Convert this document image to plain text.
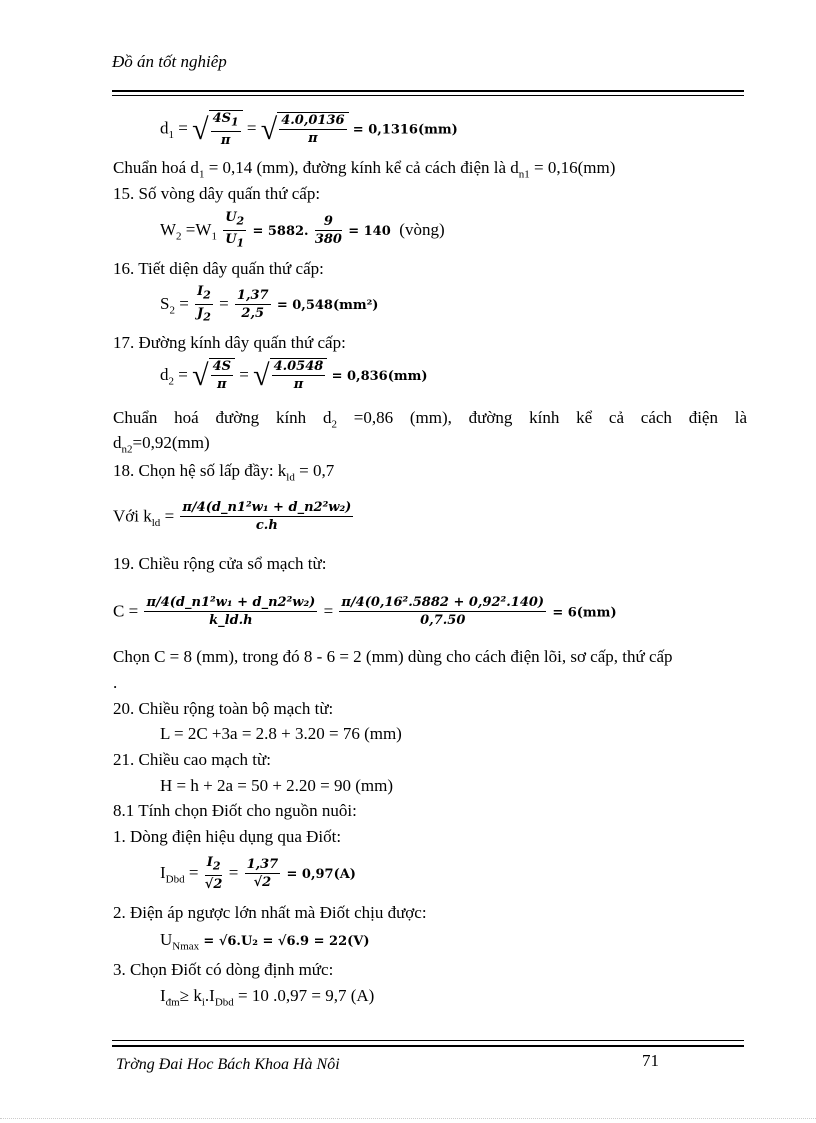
Đồ án tốt nghiêp
$d_1$ = √ $\frac{4S_1}{\pi}$ = √ $\frac{4.0,0136}{\pi} = 0,1316(mm)$
Chuẩn hoá $d_1 = 0,14$ (mm), đường kính kể cả cách điện là $d_{n1} = 0,16(mm)$
15. Số vòng dây quấn thứ cấp:
$W_2 =W_1 \frac{U_2}{U_1} = 5882$. $\frac{9}{380} = 140$ (vòng)
16. Tiết diện dây quấn thứ cấp:
$S_2 = \frac{I_2}{J_2} = \frac{1,37}{2,5} = 0,548(mm^2)$
17. Đường kính dây quấn thứ cấp:
$d_2$ = √ $\frac{4S}{\pi}$ = √ $\frac{4.0548}{\pi} = 0,836(mm)$
Chuẩn hoá đường kính $d_2 =0,86$ (mm), đường kính kể cả cách điện là
$d_{n2}=0,92(mm)$
18. Chọn hệ số lấp đầy: $k_{ld} = 0,7$
Với $k_{ld} = \frac{\text{π/4(d\_n1²w₁ + d\_n2²w₂)}}{c.h}$
19. Chiều rộng cửa sổ mạch từ:
$C = \frac{\text{π/4(d\_n1²w₁ + d\_n2²w₂)}}{k\_ld.h} = \frac{\text{π/4(0,16².5882 + 0,92².140)}}{0,7.50} = 6(mm)$
Chọn C = 8 (mm), trong đó 8 - 6 = 2 (mm) dùng cho cách điện lõi, sơ cấp, thứ cấp
.
20. Chiều rộng toàn bộ mạch từ:
L = 2C +3a = 2.8 + 3.20 = 76 (mm)
21. Chiều cao mạch từ:
H = h + 2a = 50 + 2.20 = 90 (mm)
8.1 Tính chọn Điốt cho nguồn nuôi:
1. Dòng điện hiệu dụng qua Điốt:
$I_{Dbd} = \frac{I_2}{√2} = \frac{1,37}{√2} = 0,97(A)$
2. Điện áp ngược lớn nhất mà Điốt chịu được:
$U_{Nmax} = √6.U_2 = √6.9 = 22(V)$
3. Chọn Điốt có dòng định mức:
$I_{đm}\ge k_i.I_{Dbd} = 10$ .0,97 = 9,7 (A)
Trờng Đai Hoc Bách Khoa Hà Nôi	71
